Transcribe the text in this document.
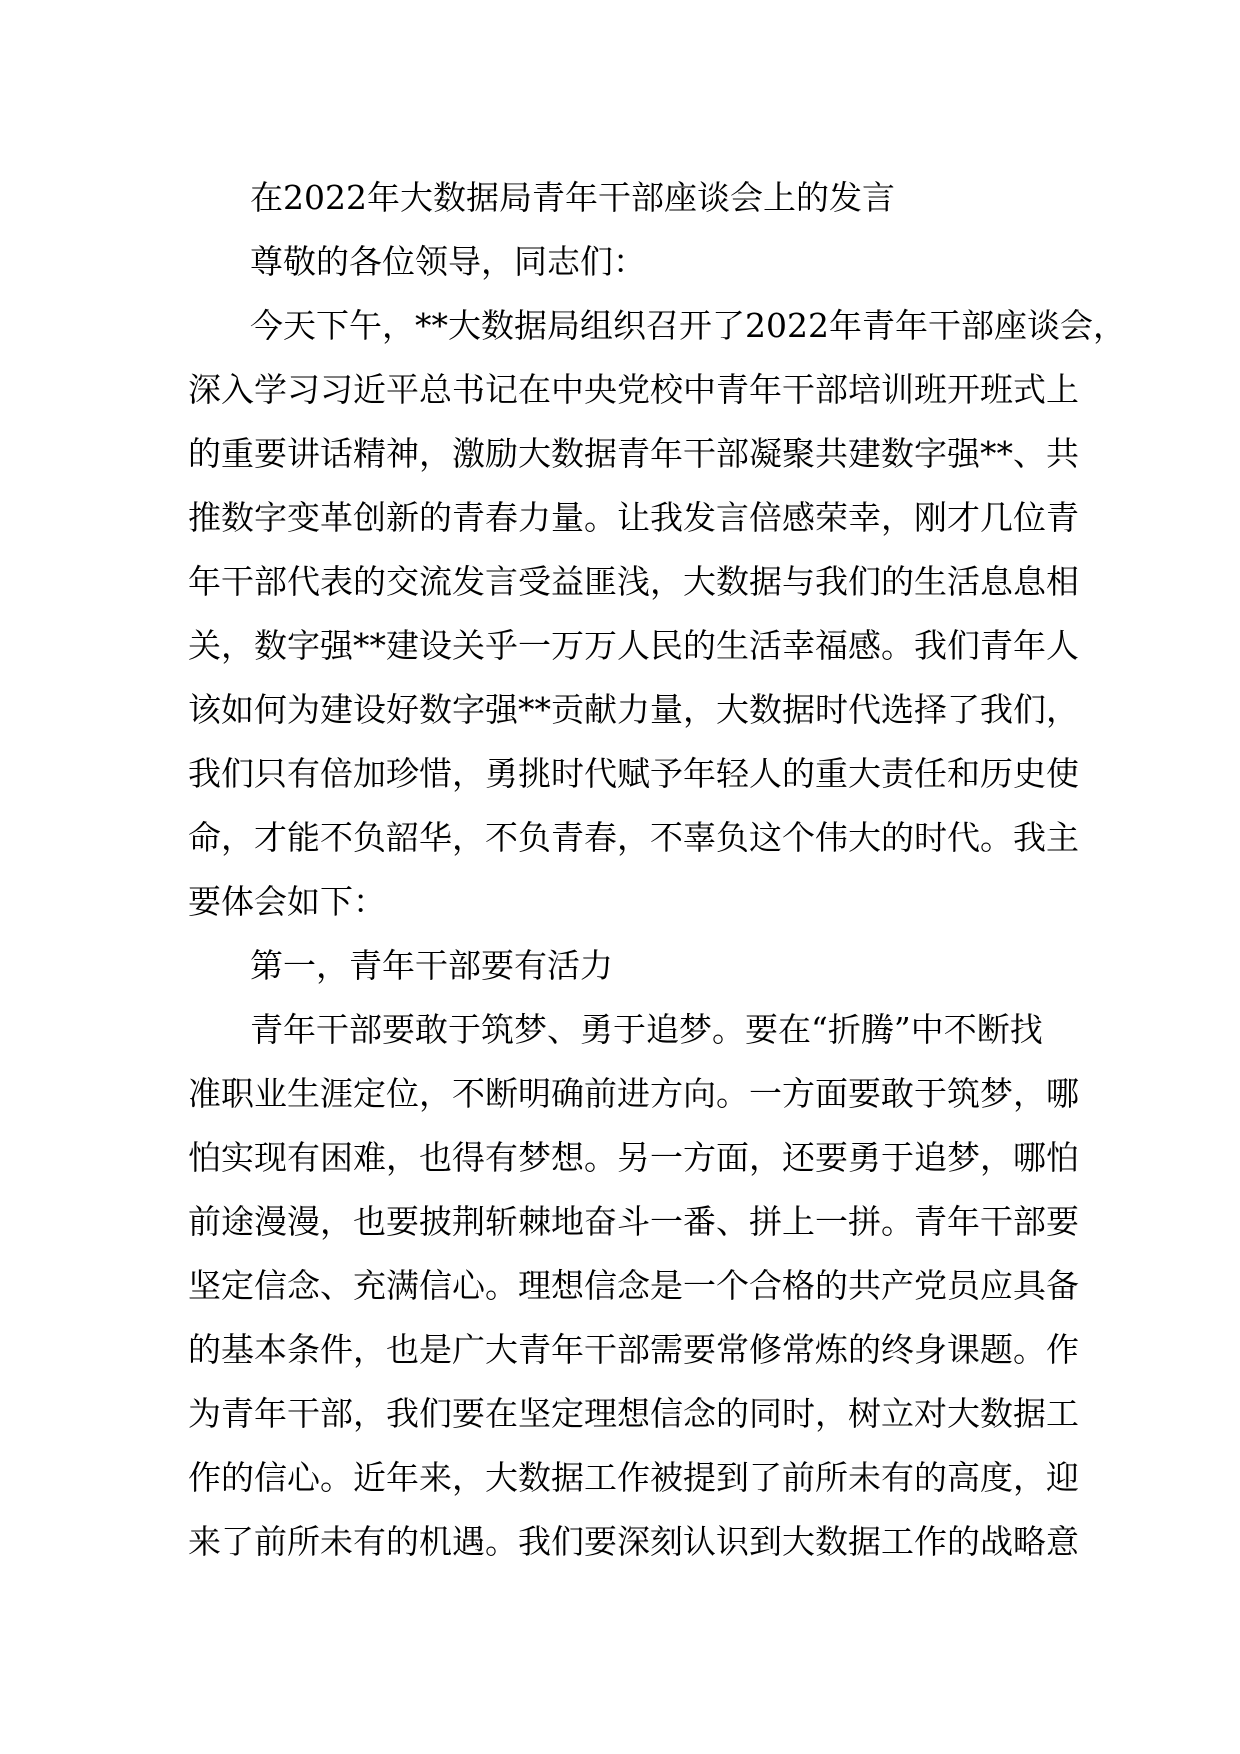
在2022年大数据局青年干部座谈会上的发言
尊敬的各位领导，同志们：
今天下午，**大数据局组织召开了2022年青年干部座谈会，
深入学习习近平总书记在中央党校中青年干部培训班开班式上
的重要讲话精神，激励大数据青年干部凝聚共建数字强**、共
推数字变革创新的青春力量。让我发言倍感荣幸，刚才几位青
年干部代表的交流发言受益匪浅，大数据与我们的生活息息相
关，数字强**建设关乎一万万人民的生活幸福感。我们青年人
该如何为建设好数字强**贡献力量，大数据时代选择了我们，
我们只有倍加珍惜，勇挑时代赋予年轻人的重大责任和历史使
命，才能不负韶华，不负青春，不辜负这个伟大的时代。我主
要体会如下：
第一，青年干部要有活力
青年干部要敢于筑梦、勇于追梦。要在“折腾”中不断找
准职业生涯定位，不断明确前进方向。一方面要敢于筑梦，哪
怕实现有困难，也得有梦想。另一方面，还要勇于追梦，哪怕
前途漫漫，也要披荆斩棘地奋斗一番、拼上一拼。青年干部要
坚定信念、充满信心。理想信念是一个合格的共产党员应具备
的基本条件，也是广大青年干部需要常修常炼的终身课题。作
为青年干部，我们要在坚定理想信念的同时，树立对大数据工
作的信心。近年来，大数据工作被提到了前所未有的高度，迎
来了前所未有的机遇。我们要深刻认识到大数据工作的战略意
